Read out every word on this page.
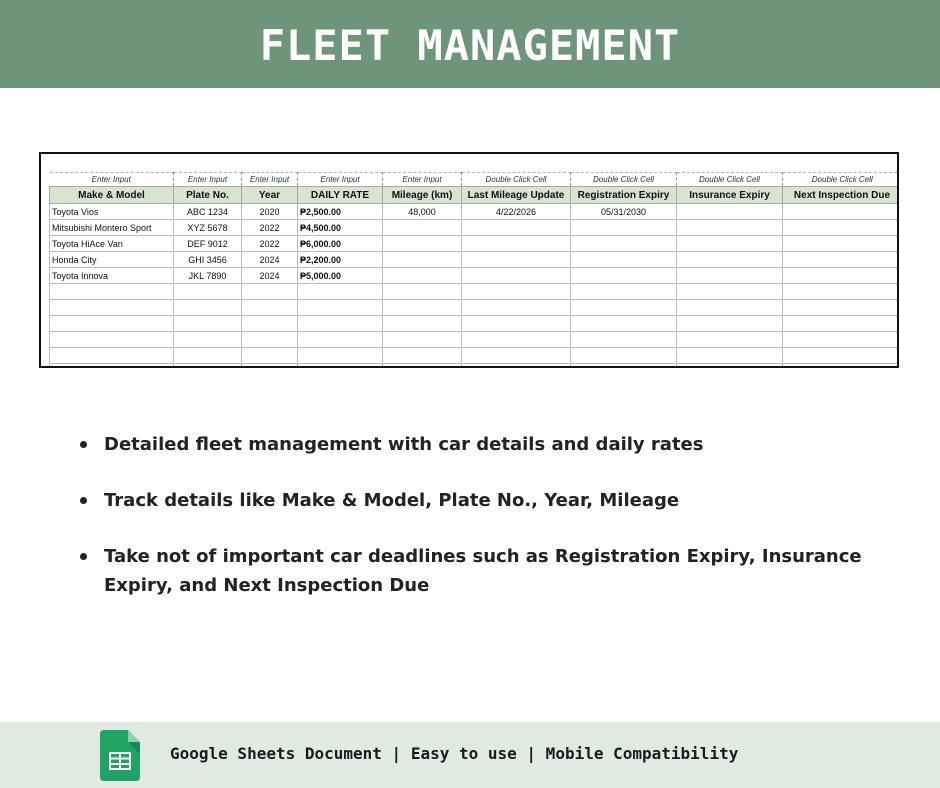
FLEET MANAGEMENT
Enter Input	Enter Input	Enter Input	Enter Input	Enter Input	Double Click Cell	Double Click Cell	Double Click Cell	Double Click Cell
Make & Model	Plate No.	Year	DAILY RATE	Mileage (km)	Last Mileage Update	Registration Expiry	Insurance Expiry	Next Inspection Due
Toyota Vios	ABC 1234	2020	₱2,500.00	48,000	4/22/2026	05/31/2030		
Mitsubishi Montero Sport	XYZ 5678	2022	₱4,500.00					
Toyota HiAce Van	DEF 9012	2022	₱6,000.00					
Honda City	GHI 3456	2024	₱2,200.00					
Toyota Innova	JKL 7890	2024	₱5,000.00					

Detailed fleet management with car details and daily rates
Track details like Make & Model, Plate No., Year, Mileage
Take not of important car deadlines such as Registration Expiry, Insurance Expiry, and Next Inspection Due
Google Sheets Document | Easy to use | Mobile Compatibility
